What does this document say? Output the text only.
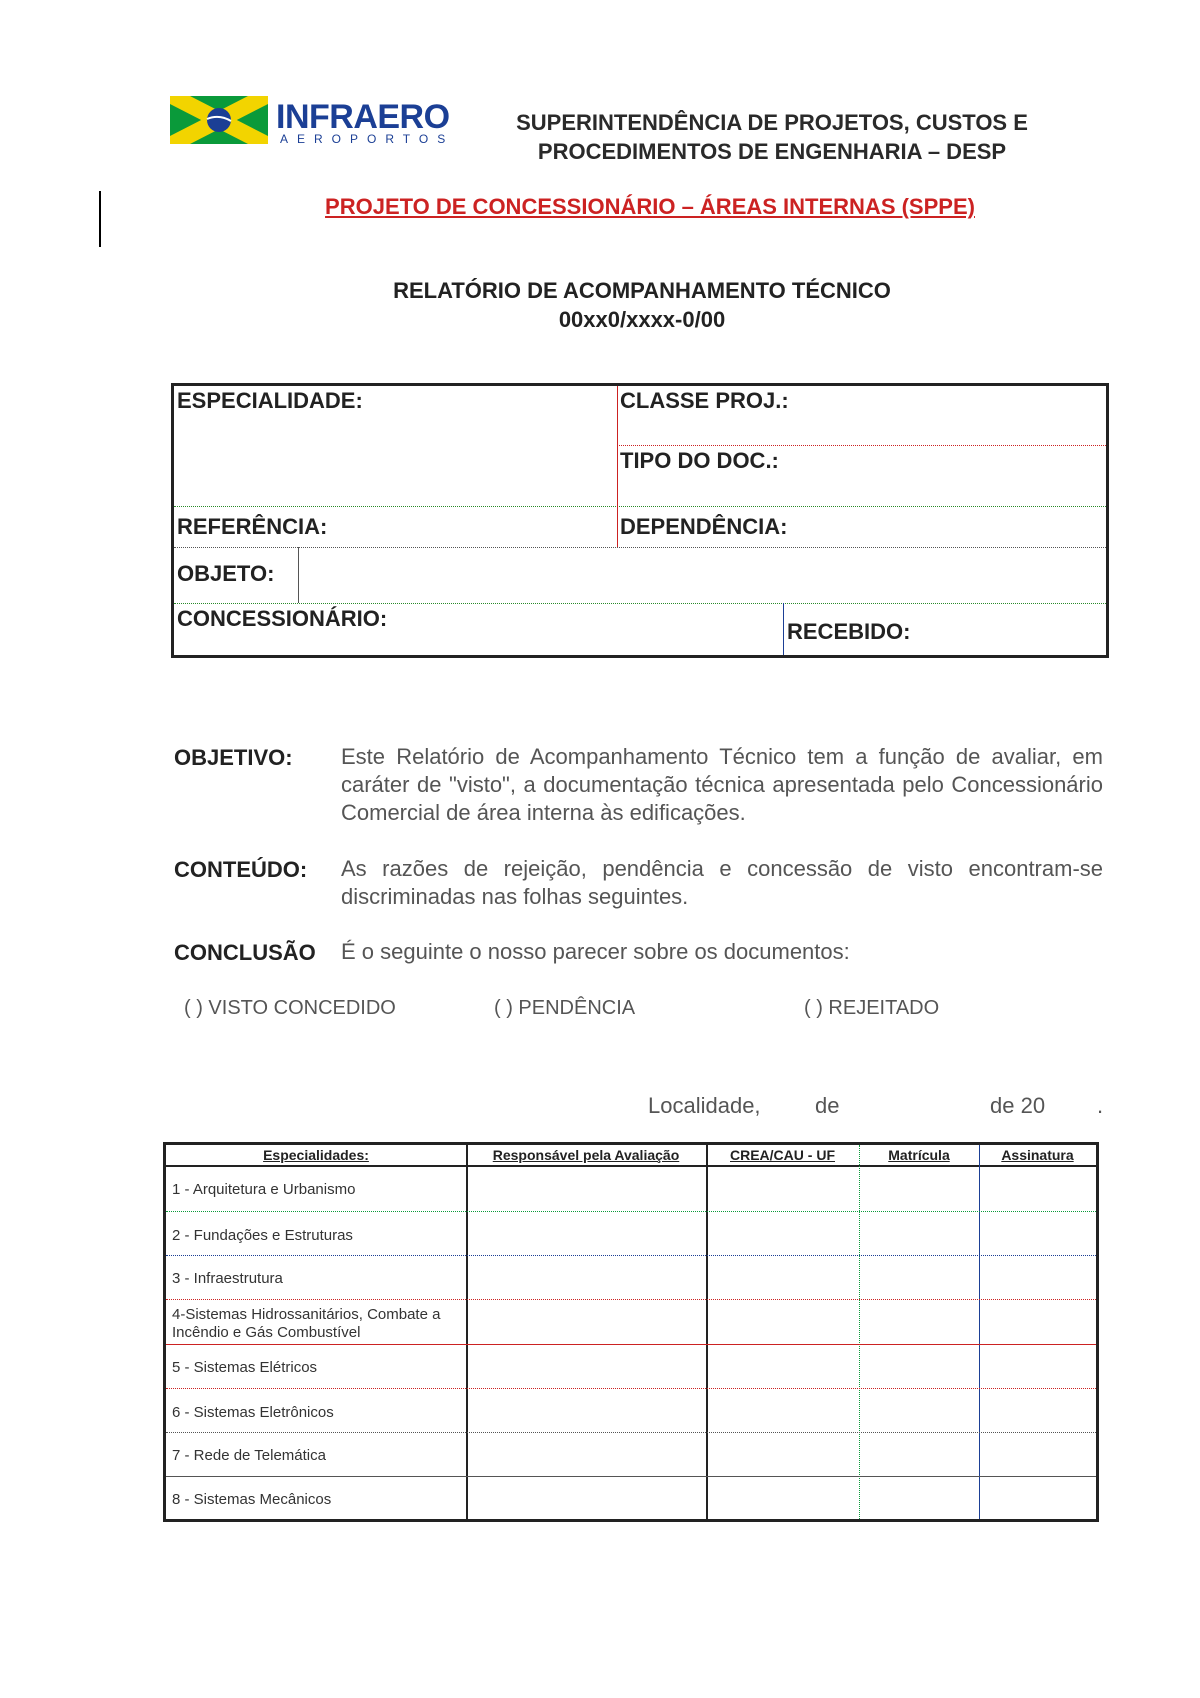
INFRAERO
AEROPORTOS
SUPERINTENDÊNCIA DE PROJETOS, CUSTOS E
PROCEDIMENTOS DE ENGENHARIA – DESP
PROJETO DE CONCESSIONÁRIO – ÁREAS INTERNAS (SPPE)
RELATÓRIO DE ACOMPANHAMENTO TÉCNICO
00xx0/xxxx-0/00
ESPECIALIDADE:	CLASSE PROJ.:
TIPO DO DOC.:
REFERÊNCIA:	DEPENDÊNCIA:
OBJETO:
CONCESSIONÁRIO:
RECEBIDO:
OBJETIVO: Este Relatório de Acompanhamento Técnico tem a função de avaliar, em caráter de "visto", a documentação técnica apresentada pelo Concessionário Comercial de área interna às edificações.
CONTEÚDO: As razões de rejeição, pendência e concessão de visto encontram-se discriminadas nas folhas seguintes.
CONCLUSÃO É o seguinte o nosso parecer sobre os documentos:
( ) VISTO CONCEDIDO	( ) PENDÊNCIA	( ) REJEITADO
Localidade, de	de 20 .
Especialidades:	Responsável pela Avaliação	CREA/CAU - UF	Matrícula	Assinatura
1 - Arquitetura e Urbanismo
2 - Fundações e Estruturas
3 - Infraestrutura
4-Sistemas Hidrossanitários, Combate a Incêndio e Gás Combustível
5 - Sistemas Elétricos
6 - Sistemas Eletrônicos
7 - Rede de Telemática
8 - Sistemas Mecânicos
